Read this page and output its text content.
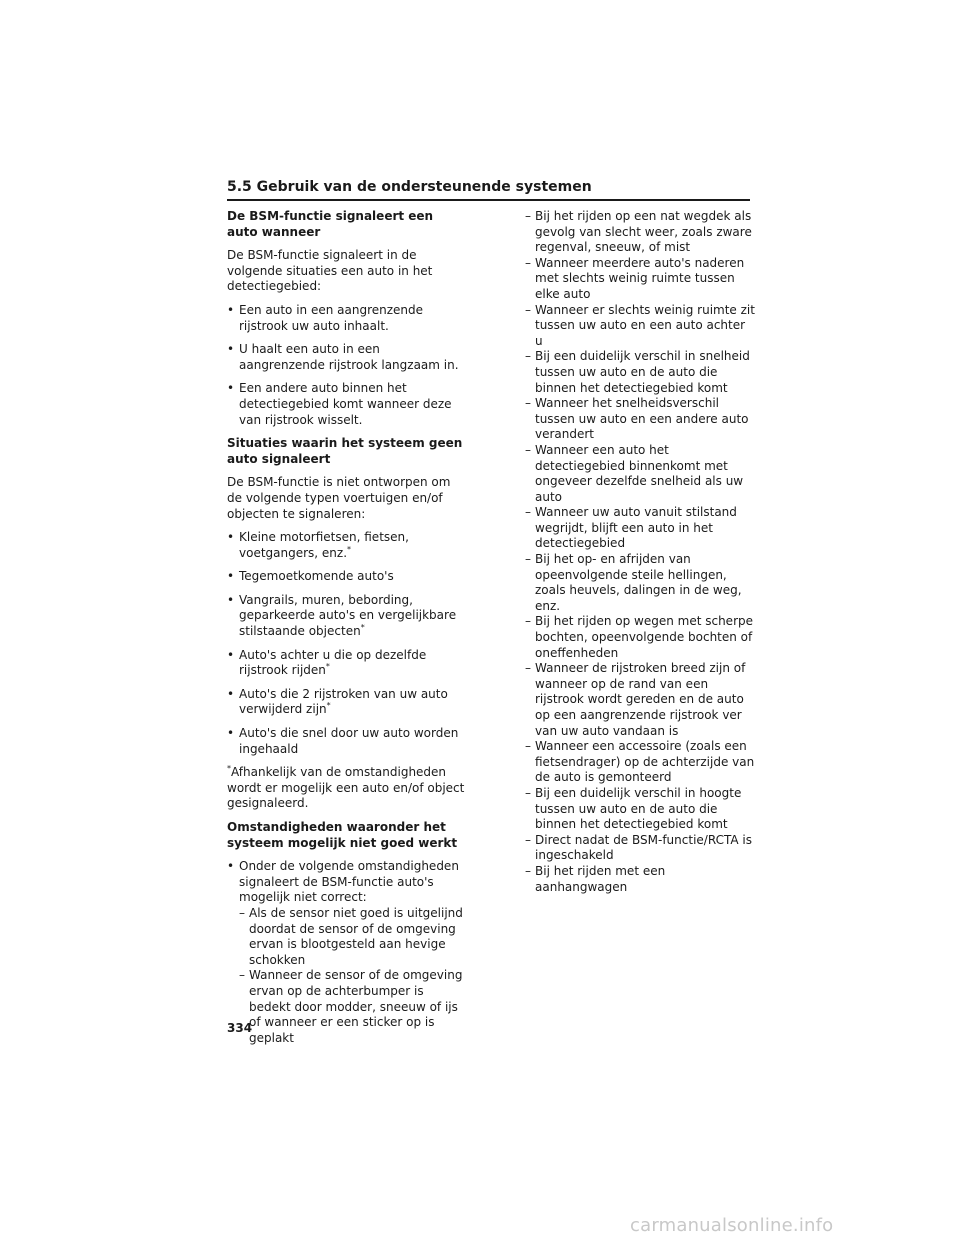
5.5 Gebruik van de ondersteunende systemen
De BSM-functie signaleert een auto wanneer

De BSM-functie signaleert in de volgende situaties een auto in het detectiegebied:

• Een auto in een aangrenzende rijstrook uw auto inhaalt.
• U haalt een auto in een aangrenzende rijstrook langzaam in.
• Een andere auto binnen het detectiegebied komt wanneer deze van rijstrook wisselt.
Situaties waarin het systeem geen auto signaleert

De BSM-functie is niet ontworpen om de volgende typen voertuigen en/of objecten te signaleren:

• Kleine motorfietsen, fietsen, voetgangers, enz.*
• Tegemoetkomende auto's
• Vangrails, muren, bebording, geparkeerde auto's en vergelijkbare stilstaande objecten*
• Auto's achter u die op dezelfde rijstrook rijden*
• Auto's die 2 rijstroken van uw auto verwijderd zijn*
• Auto's die snel door uw auto worden ingehaald

*Afhankelijk van de omstandigheden wordt er mogelijk een auto en/of object gesignaleerd.

Omstandigheden waaronder het systeem mogelijk niet goed werkt
• Onder de volgende omstandigheden signaleert de BSM-functie auto's mogelijk niet correct:
– Als de sensor niet goed is uitgelijnd doordat de sensor of de omgeving ervan is blootgesteld aan hevige schokken
– Wanneer de sensor of de omgeving ervan op de achterbumper is bedekt door modder, sneeuw of ijs of wanneer er een sticker op is geplakt
– Bij het rijden op een nat wegdek als gevolg van slecht weer, zoals zware regenval, sneeuw, of mist
– Wanneer meerdere auto's naderen met slechts weinig ruimte tussen elke auto
– Wanneer er slechts weinig ruimte zit tussen uw auto en een auto achter u
– Bij een duidelijk verschil in snelheid tussen uw auto en de auto die binnen het detectiegebied komt
– Wanneer het snelheidsverschil tussen uw auto en een andere auto verandert
– Wanneer een auto het detectiegebied binnenkomt met ongeveer dezelfde snelheid als uw auto
– Wanneer uw auto vanuit stilstand wegrijdt, blijft een auto in het detectiegebied
– Bij het op- en afrijden van opeenvolgende steile hellingen, zoals heuvels, dalingen in de weg, enz.
– Bij het rijden op wegen met scherpe bochten, opeenvolgende bochten of oneffenheden
– Wanneer de rijstroken breed zijn of wanneer op de rand van een rijstrook wordt gereden en de auto op een aangrenzende rijstrook ver van uw auto vandaan is
– Wanneer een accessoire (zoals een fietsendrager) op de achterzijde van de auto is gemonteerd
– Bij een duidelijk verschil in hoogte tussen uw auto en de auto die binnen het detectiegebied komt
– Direct nadat de BSM-functie/RCTA is ingeschakeld
– Bij het rijden met een aanhangwagen
334
carmanualsonline.info
